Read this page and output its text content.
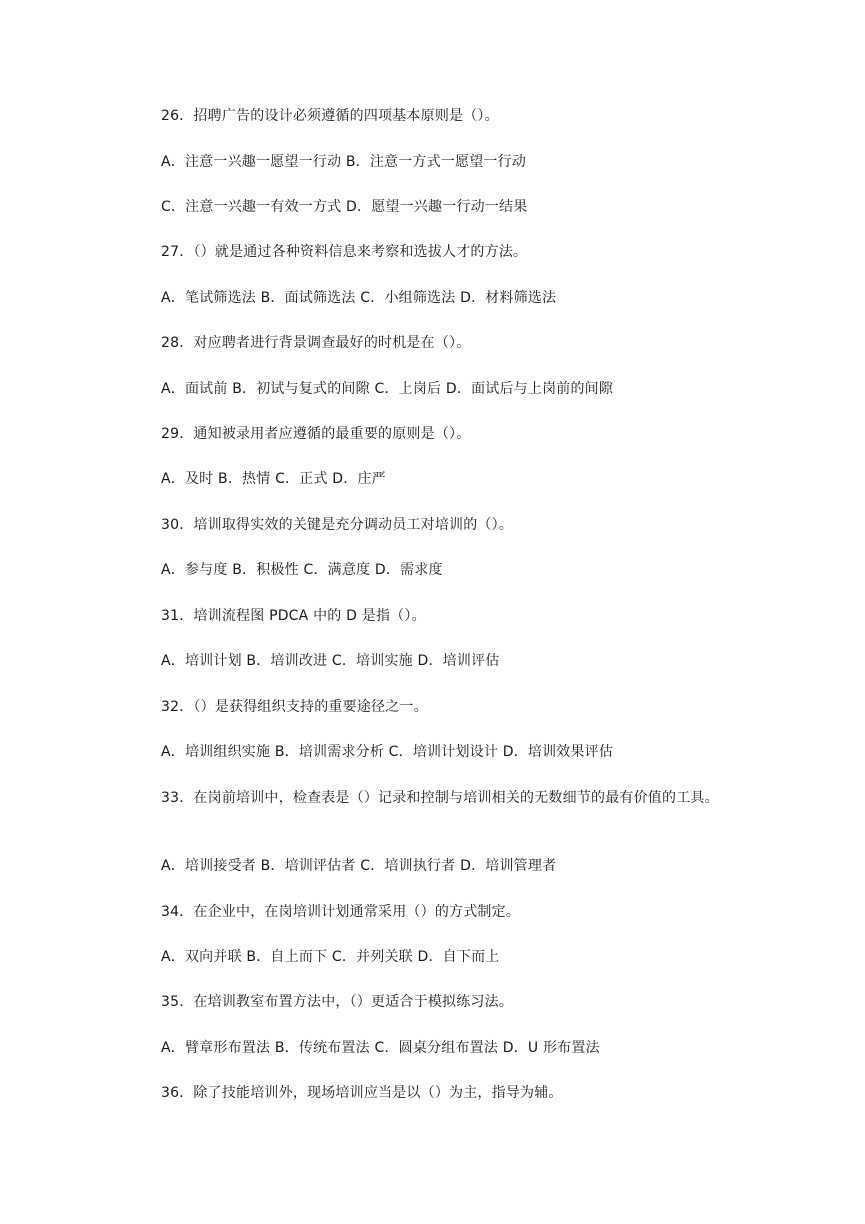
26．招聘广告的设计必须遵循的四项基本原则是（）。
A．注意一兴趣一愿望一行动 B．注意一方式一愿望一行动
C．注意一兴趣一有效一方式 D．愿望一兴趣一行动一结果
27．（）就是通过各种资料信息来考察和选拔人才的方法。
A．笔试筛选法 B．面试筛选法 C．小组筛选法 D．材料筛选法
28．对应聘者进行背景调查最好的时机是在（）。
A．面试前 B．初试与复式的间隙 C．上岗后 D．面试后与上岗前的间隙
29．通知被录用者应遵循的最重要的原则是（）。
A．及时 B．热情 C．正式 D．庄严
30．培训取得实效的关键是充分调动员工对培训的（）。
A．参与度 B．积极性 C．满意度 D．需求度
31．培训流程图 PDCA 中的 D 是指（）。
A．培训计划 B．培训改进 C．培训实施 D．培训评估
32．（）是获得组织支持的重要途径之一。
A．培训组织实施 B．培训需求分析 C．培训计划设计 D．培训效果评估
33．在岗前培训中，检查表是（）记录和控制与培训相关的无数细节的最有价值的工具。
A．培训接受者 B．培训评估者 C．培训执行者 D．培训管理者
34．在企业中，在岗培训计划通常采用（）的方式制定。
A．双向并联 B．自上而下 C．并列关联 D．自下而上
35．在培训教室布置方法中，（）更适合于模拟练习法。
A．臂章形布置法 B．传统布置法 C．圆桌分组布置法 D．U 形布置法
36．除了技能培训外，现场培训应当是以（）为主，指导为辅。
